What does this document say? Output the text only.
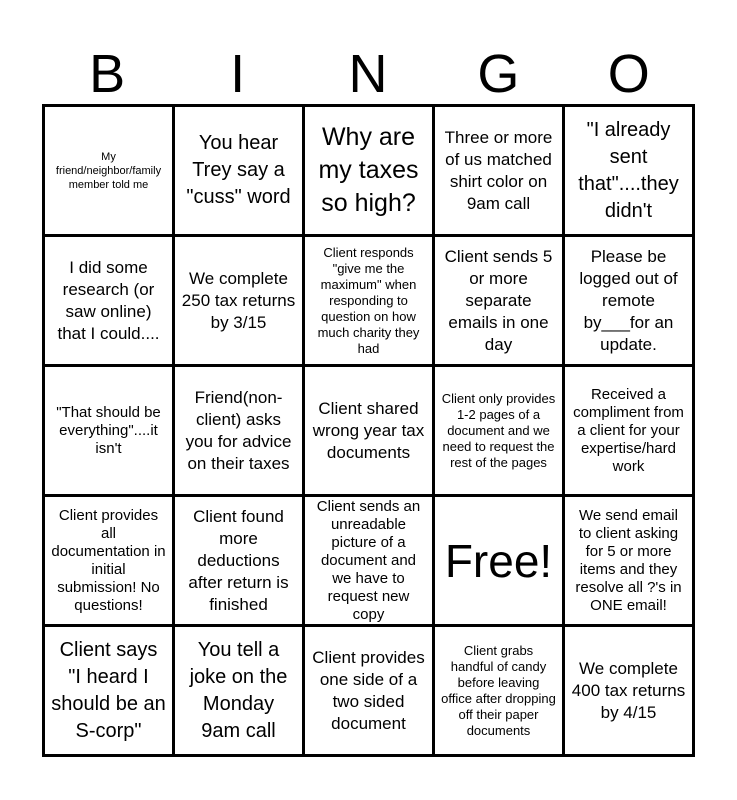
B	I	N	G	O
My friend/neighbor/family member told me
You hear Trey say a "cuss" word
Why are my taxes so high?
Three or more of us matched shirt color on 9am call
"I already sent that"....they didn't
I did some research (or saw online) that I could....
We complete 250 tax returns by 3/15
Client responds "give me the maximum" when responding to question on how much charity they had
Client sends 5 or more separate emails in one day
Please be logged out of remote by___for an update.
"That should be everything"....it isn't
Friend(non-client) asks you for advice on their taxes
Client shared wrong year tax documents
Client only provides 1-2 pages of a document and we need to request the rest of the pages
Received a compliment from a client for your expertise/hard work
Client provides all documentation in initial submission! No questions!
Client found more deductions after return is finished
Client sends an unreadable picture of a document and we have to request new copy
Free!
We send email to client asking for 5 or more items and they resolve all ?'s in ONE email!
Client says "I heard I should be an S-corp"
You tell a joke on the Monday 9am call
Client provides one side of a two sided document
Client grabs handful of candy before leaving office after dropping off their paper documents
We complete 400 tax returns by 4/15
